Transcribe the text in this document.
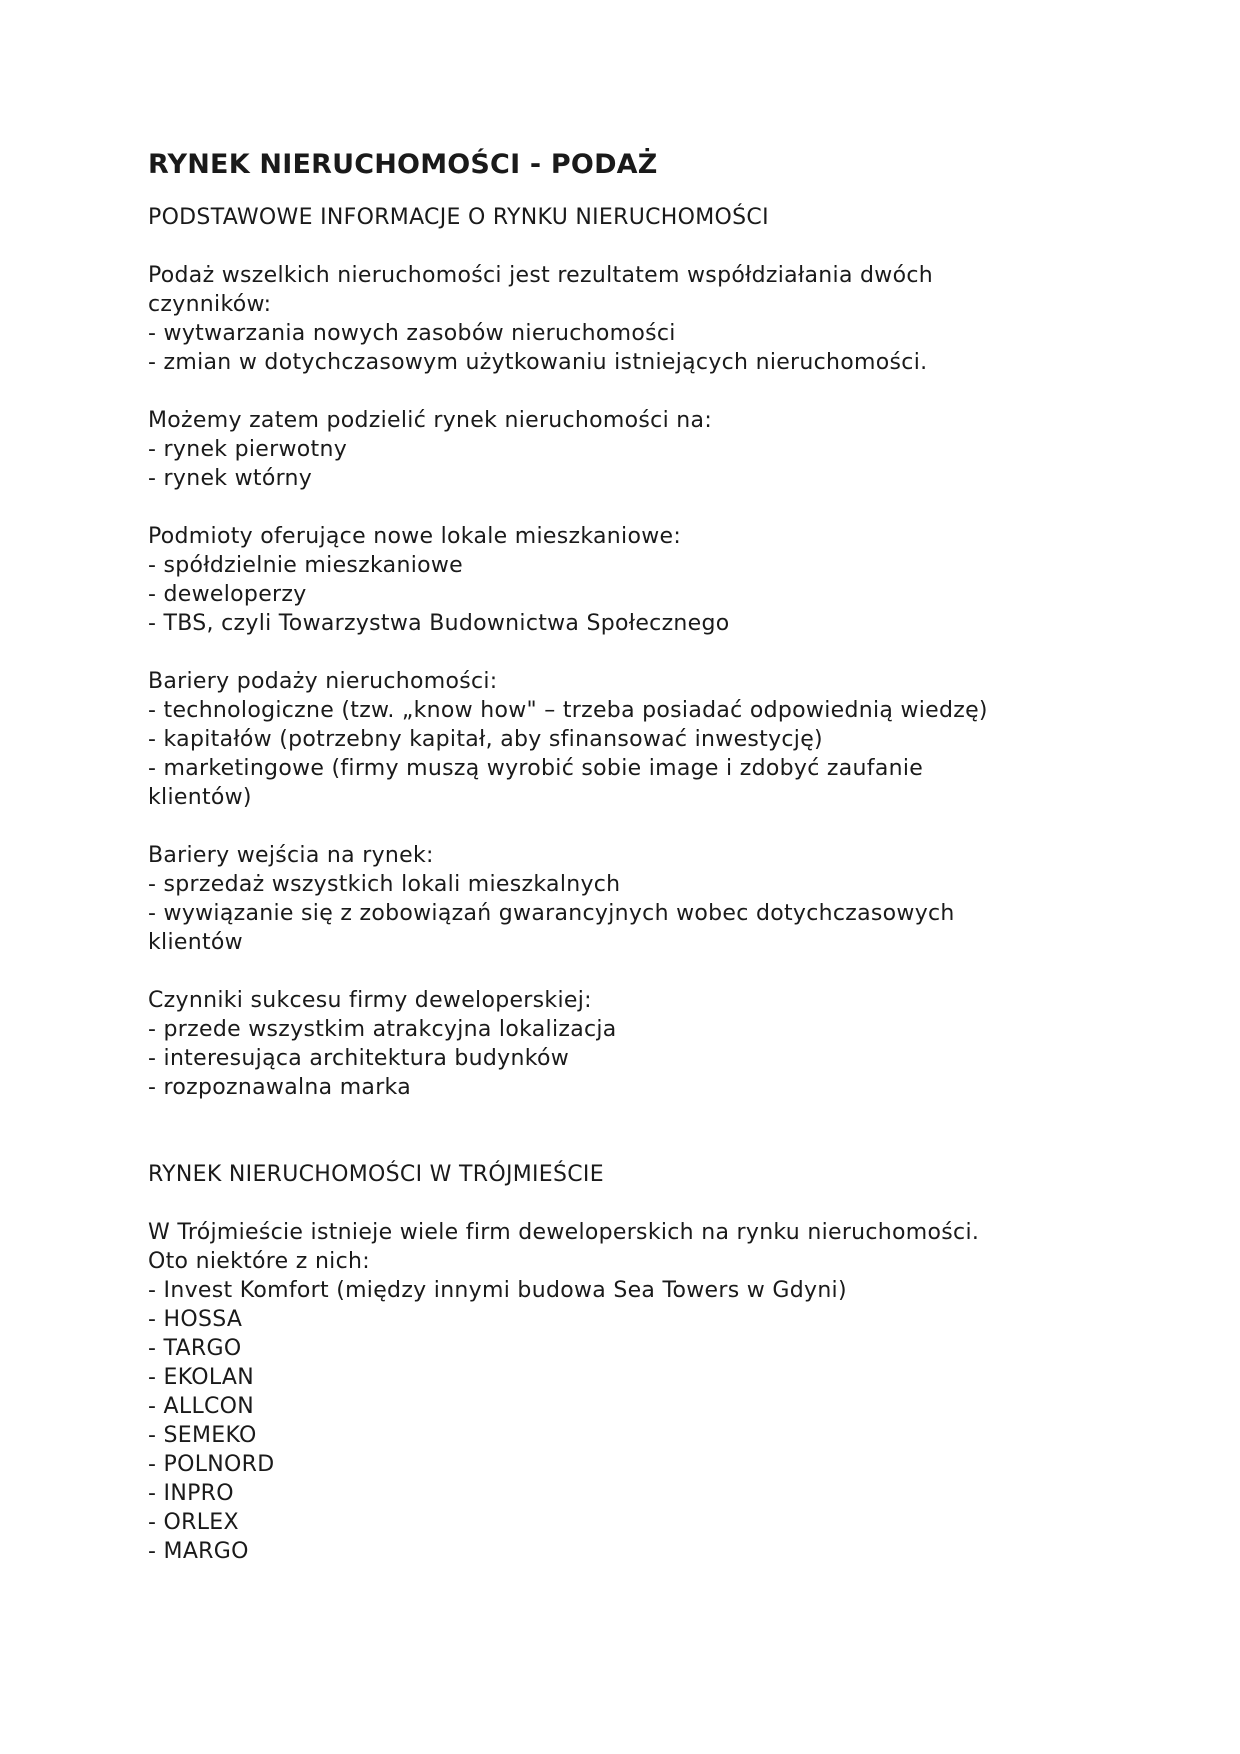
RYNEK NIERUCHOMOŚCI - PODAŻ
PODSTAWOWE INFORMACJE O RYNKU NIERUCHOMOŚCI
Podaż wszelkich nieruchomości jest rezultatem współdziałania dwóch
czynników:
- wytwarzania nowych zasobów nieruchomości
- zmian w dotychczasowym użytkowaniu istniejących nieruchomości.
Możemy zatem podzielić rynek nieruchomości na:
- rynek pierwotny
- rynek wtórny
Podmioty oferujące nowe lokale mieszkaniowe:
- spółdzielnie mieszkaniowe
- deweloperzy
- TBS, czyli Towarzystwa Budownictwa Społecznego
Bariery podaży nieruchomości:
- technologiczne (tzw. „know how" – trzeba posiadać odpowiednią wiedzę)
- kapitałów (potrzebny kapitał, aby sfinansować inwestycję)
- marketingowe (firmy muszą wyrobić sobie image i zdobyć zaufanie
klientów)
Bariery wejścia na rynek:
- sprzedaż wszystkich lokali mieszkalnych
- wywiązanie się z zobowiązań gwarancyjnych wobec dotychczasowych
klientów
Czynniki sukcesu firmy deweloperskiej:
- przede wszystkim atrakcyjna lokalizacja
- interesująca architektura budynków
- rozpoznawalna marka
RYNEK NIERUCHOMOŚCI W TRÓJMIEŚCIE
W Trójmieście istnieje wiele firm deweloperskich na rynku nieruchomości.
Oto niektóre z nich:
- Invest Komfort (między innymi budowa Sea Towers w Gdyni)
- HOSSA
- TARGO
- EKOLAN
- ALLCON
- SEMEKO
- POLNORD
- INPRO
- ORLEX
- MARGO
